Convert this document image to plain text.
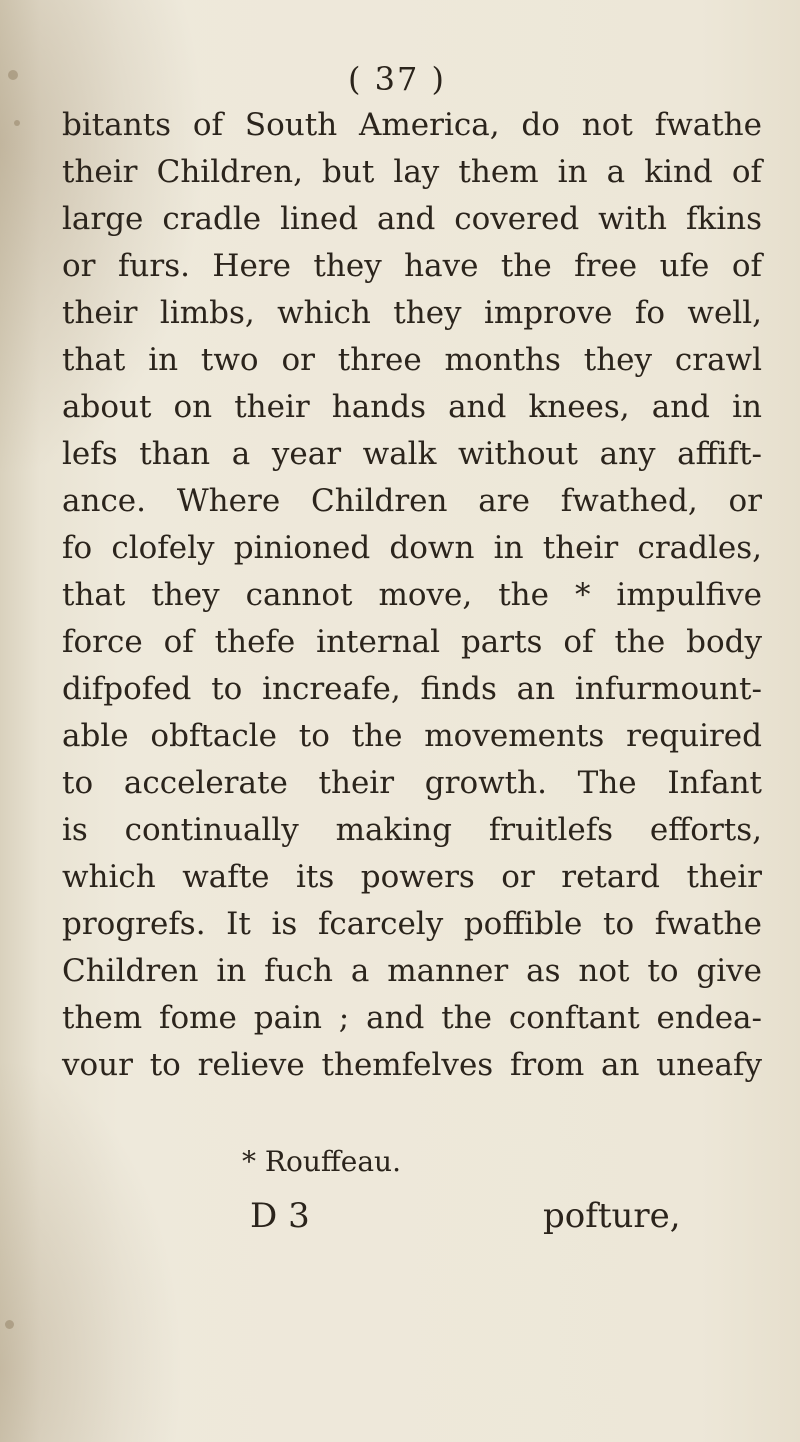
( 37 )
bitants of South America, do not fwathe
their Children, but lay them in a kind of
large cradle lined and covered with fkins
or furs. Here they have the free ufe of
their limbs, which they improve fo well,
that in two or three months they crawl
about on their hands and knees, and in
lefs than a year walk without any affift-
ance. Where Children are fwathed, or
fo clofely pinioned down in their cradles,
that they cannot move, the * impulfive
force of thefe internal parts of the body
difpofed to increafe, finds an infurmount-
able obftacle to the movements required
to accelerate their growth. The Infant
is continually making fruitlefs efforts,
which wafte its powers or retard their
progrefs. It is fcarcely poffible to fwathe
Children in fuch a manner as not to give
them fome pain ; and the conftant endea-
vour to relieve themfelves from an uneafy
* Rouffeau.
D 3	pofture,
